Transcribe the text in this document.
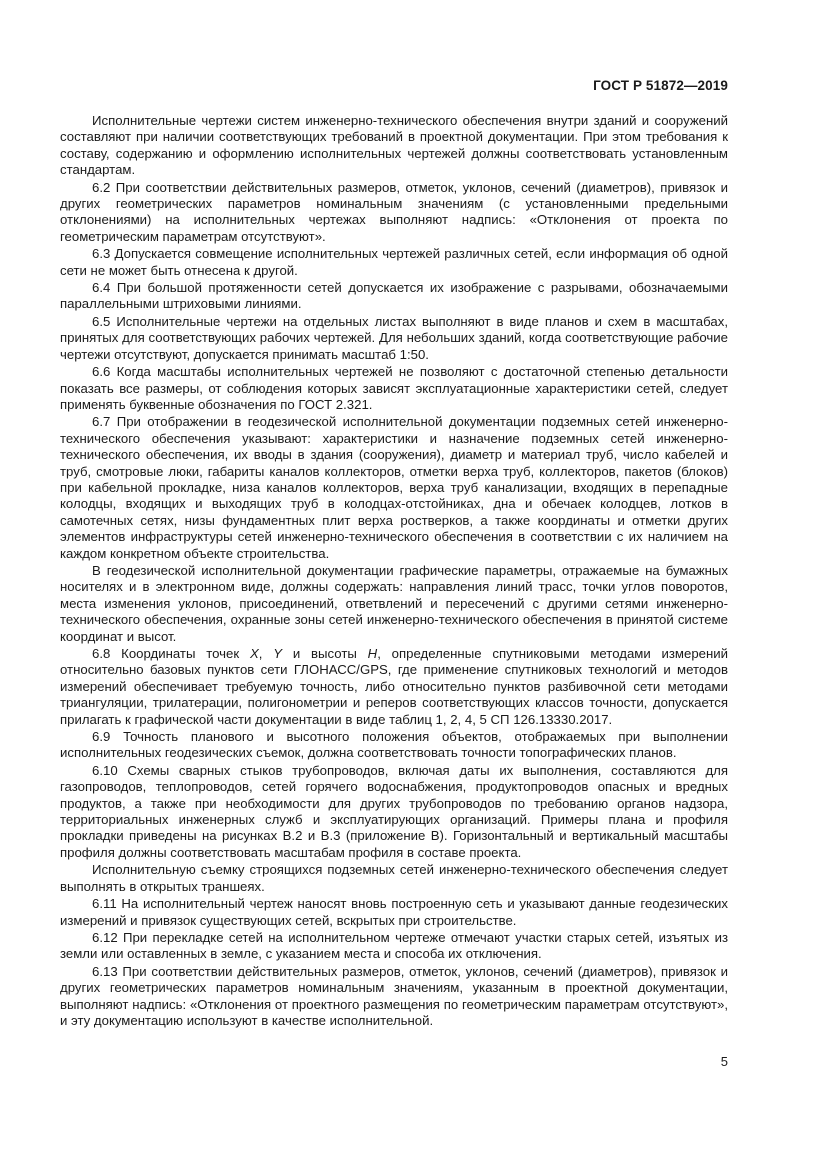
ГОСТ Р 51872—2019

Исполнительные чертежи систем инженерно-технического обеспечения внутри зданий и сооружений составляют при наличии соответствующих требований в проектной документации. При этом требования к составу, содержанию и оформлению исполнительных чертежей должны соответствовать установленным стандартам.

6.2 При соответствии действительных размеров, отметок, уклонов, сечений (диаметров), привязок и других геометрических параметров номинальным значениям (с установленными предельными отклонениями) на исполнительных чертежах выполняют надпись: «Отклонения от проекта по геометрическим параметрам отсутствуют».

6.3 Допускается совмещение исполнительных чертежей различных сетей, если информация об одной сети не может быть отнесена к другой.

6.4 При большой протяженности сетей допускается их изображение с разрывами, обозначаемыми параллельными штриховыми линиями.

6.5 Исполнительные чертежи на отдельных листах выполняют в виде планов и схем в масштабах, принятых для соответствующих рабочих чертежей. Для небольших зданий, когда соответствующие рабочие чертежи отсутствуют, допускается принимать масштаб 1:50.

6.6 Когда масштабы исполнительных чертежей не позволяют с достаточной степенью детальности показать все размеры, от соблюдения которых зависят эксплуатационные характеристики сетей, следует применять буквенные обозначения по ГОСТ 2.321.

6.7 При отображении в геодезической исполнительной документации подземных сетей инженерно-технического обеспечения указывают: характеристики и назначение подземных сетей инженерно-технического обеспечения, их вводы в здания (сооружения), диаметр и материал труб, число кабелей и труб, смотровые люки, габариты каналов коллекторов, отметки верха труб, коллекторов, пакетов (блоков) при кабельной прокладке, низа каналов коллекторов, верха труб канализации, входящих в перепадные колодцы, входящих и выходящих труб в колодцах-отстойниках, дна и обечаек колодцев, лотков в самотечных сетях, низы фундаментных плит верха ростверков, а также координаты и отметки других элементов инфраструктуры сетей инженерно-технического обеспечения в соответствии с их наличием на каждом конкретном объекте строительства.

В геодезической исполнительной документации графические параметры, отражаемые на бумажных носителях и в электронном виде, должны содержать: направления линий трасс, точки углов поворотов, места изменения уклонов, присоединений, ответвлений и пересечений с другими сетями инженерно-технического обеспечения, охранные зоны сетей инженерно-технического обеспечения в принятой системе координат и высот.

6.8 Координаты точек X, Y и высоты H, определенные спутниковыми методами измерений относительно базовых пунктов сети ГЛОНАСС/GPS, где применение спутниковых технологий и методов измерений обеспечивает требуемую точность, либо относительно пунктов разбивочной сети методами триангуляции, трилатерации, полигонометрии и реперов соответствующих классов точности, допускается прилагать к графической части документации в виде таблиц 1, 2, 4, 5 СП 126.13330.2017.

6.9 Точность планового и высотного положения объектов, отображаемых при выполнении исполнительных геодезических съемок, должна соответствовать точности топографических планов.

6.10 Схемы сварных стыков трубопроводов, включая даты их выполнения, составляются для газопроводов, теплопроводов, сетей горячего водоснабжения, продуктопроводов опасных и вредных продуктов, а также при необходимости для других трубопроводов по требованию органов надзора, территориальных инженерных служб и эксплуатирующих организаций. Примеры плана и профиля прокладки приведены на рисунках В.2 и В.3 (приложение В). Горизонтальный и вертикальный масштабы профиля должны соответствовать масштабам профиля в составе проекта.

Исполнительную съемку строящихся подземных сетей инженерно-технического обеспечения следует выполнять в открытых траншеях.

6.11 На исполнительный чертеж наносят вновь построенную сеть и указывают данные геодезических измерений и привязок существующих сетей, вскрытых при строительстве.

6.12 При перекладке сетей на исполнительном чертеже отмечают участки старых сетей, изъятых из земли или оставленных в земле, с указанием места и способа их отключения.

6.13 При соответствии действительных размеров, отметок, уклонов, сечений (диаметров), привязок и других геометрических параметров номинальным значениям, указанным в проектной документации, выполняют надпись: «Отклонения от проектного размещения по геометрическим параметрам отсутствуют», и эту документацию используют в качестве исполнительной.

5
